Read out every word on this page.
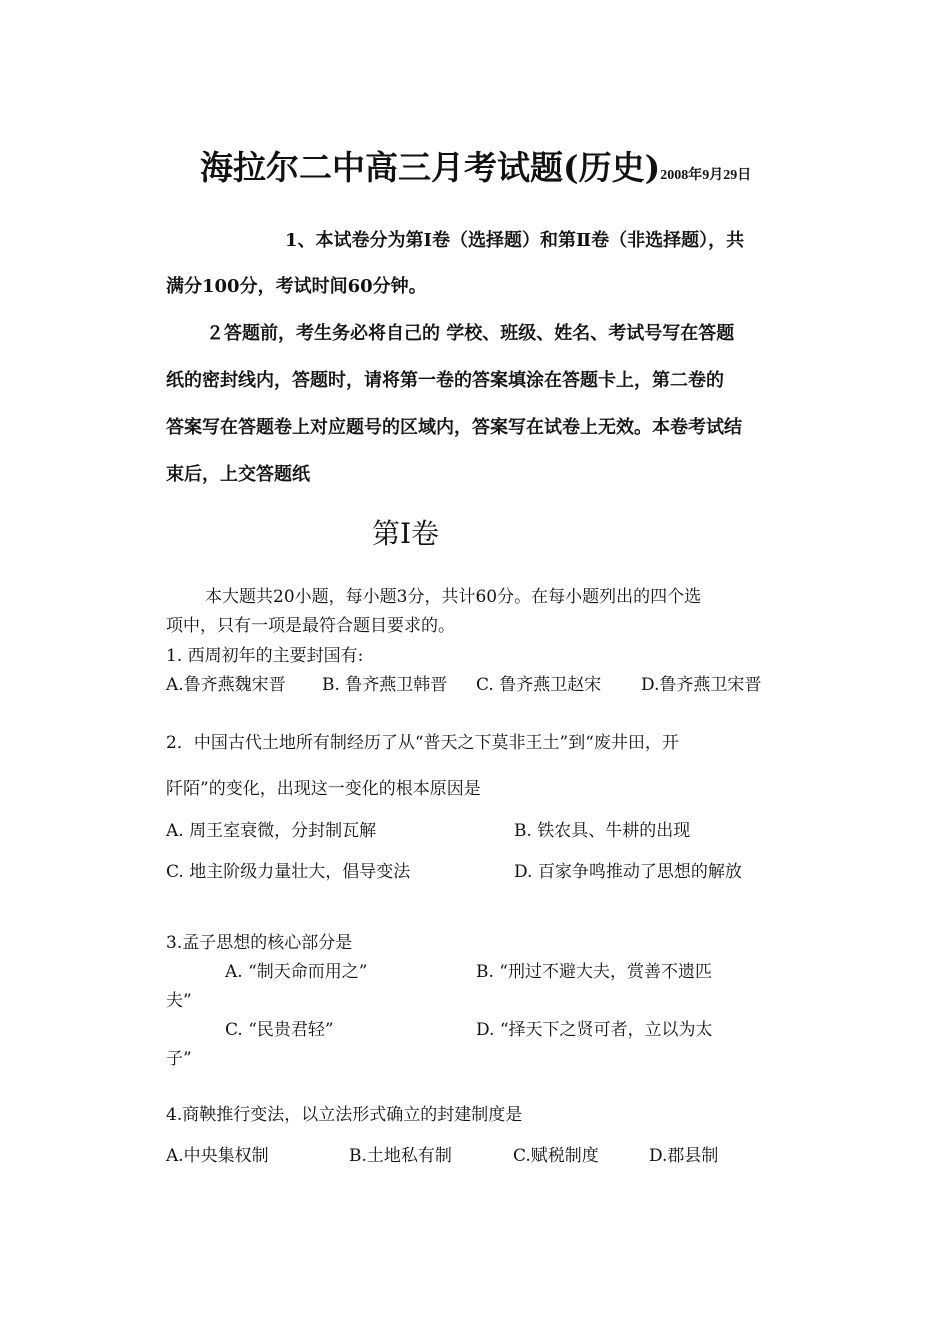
海拉尔二中高三月考试题(历史)2008年9月29日
1、本试卷分为第Ⅰ卷（选择题）和第Ⅱ卷（非选择题），共
满分100分，考试时间60分钟。
２答题前，考生务必将自己的 学校、班级、姓名、考试号写在答题
纸的密封线内，答题时，请将第一卷的答案填涂在答题卡上，第二卷的
答案写在答题卷上对应题号的区域内，答案写在试卷上无效。本卷考试结
束后，上交答题纸
第Ⅰ卷
本大题共20小题，每小题3分，共计60分。在每小题列出的四个选
项中，只有一项是最符合题目要求的。
1. 西周初年的主要封国有:
A.鲁齐燕魏宋晋 B. 鲁齐燕卫韩晋 C. 鲁齐燕卫赵宋 D.鲁齐燕卫宋晋
2．中国古代土地所有制经历了从“普天之下莫非王土”到“废井田，开
阡陌”的变化，出现这一变化的根本原因是
A. 周王室衰微，分封制瓦解	B. 铁农具、牛耕的出现
C. 地主阶级力量壮大，倡导变法	D. 百家争鸣推动了思想的解放
3.孟子思想的核心部分是
A. “制天命而用之”	B. “刑过不避大夫，赏善不遗匹
夫”
C. “民贵君轻”	D. “择天下之贤可者，立以为太
子”
4.商鞅推行变法，以立法形式确立的封建制度是
A.中央集权制	B.土地私有制	C.赋税制度	D.郡县制
